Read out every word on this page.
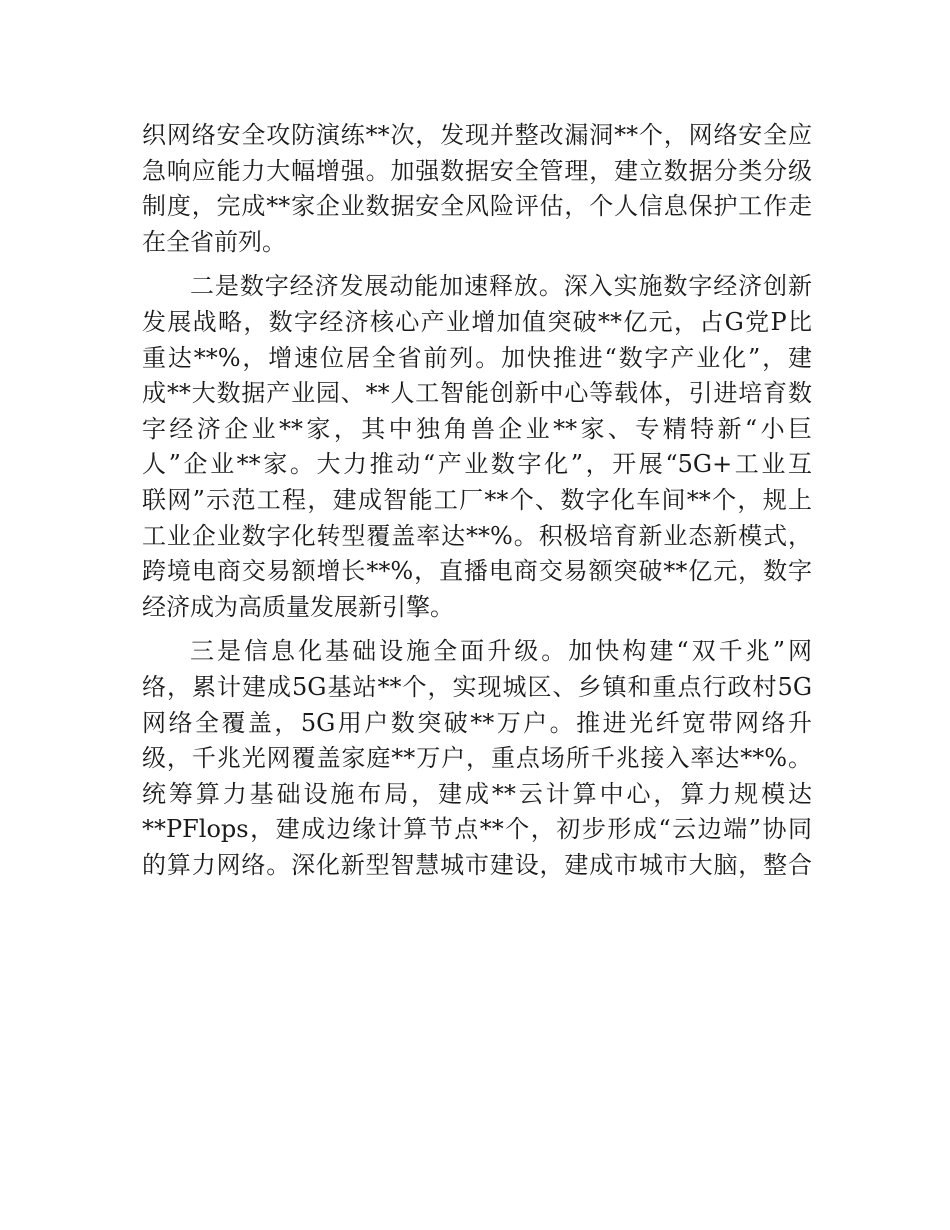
织网络安全攻防演练**次，发现并整改漏洞**个，网络安全应
急响应能力大幅增强。加强数据安全管理，建立数据分类分级
制度，完成**家企业数据安全风险评估，个人信息保护工作走
在全省前列。
二是数字经济发展动能加速释放。深入实施数字经济创新
发展战略，数字经济核心产业增加值突破**亿元，占G党P比
重达**%，增速位居全省前列。加快推进“数字产业化”，建
成**大数据产业园、**人工智能创新中心等载体，引进培育数
字经济企业**家，其中独角兽企业**家、专精特新“小巨
人”企业**家。大力推动“产业数字化”，开展“5G+工业互
联网”示范工程，建成智能工厂**个、数字化车间**个，规上
工业企业数字化转型覆盖率达**%。积极培育新业态新模式，
跨境电商交易额增长**%，直播电商交易额突破**亿元，数字
经济成为高质量发展新引擎。
三是信息化基础设施全面升级。加快构建“双千兆”网
络，累计建成5G基站**个，实现城区、乡镇和重点行政村5G
网络全覆盖，5G用户数突破**万户。推进光纤宽带网络升
级，千兆光网覆盖家庭**万户，重点场所千兆接入率达**%。
统筹算力基础设施布局，建成**云计算中心，算力规模达
**PFlops，建成边缘计算节点**个，初步形成“云边端”协同
的算力网络。深化新型智慧城市建设，建成市城市大脑，整合
